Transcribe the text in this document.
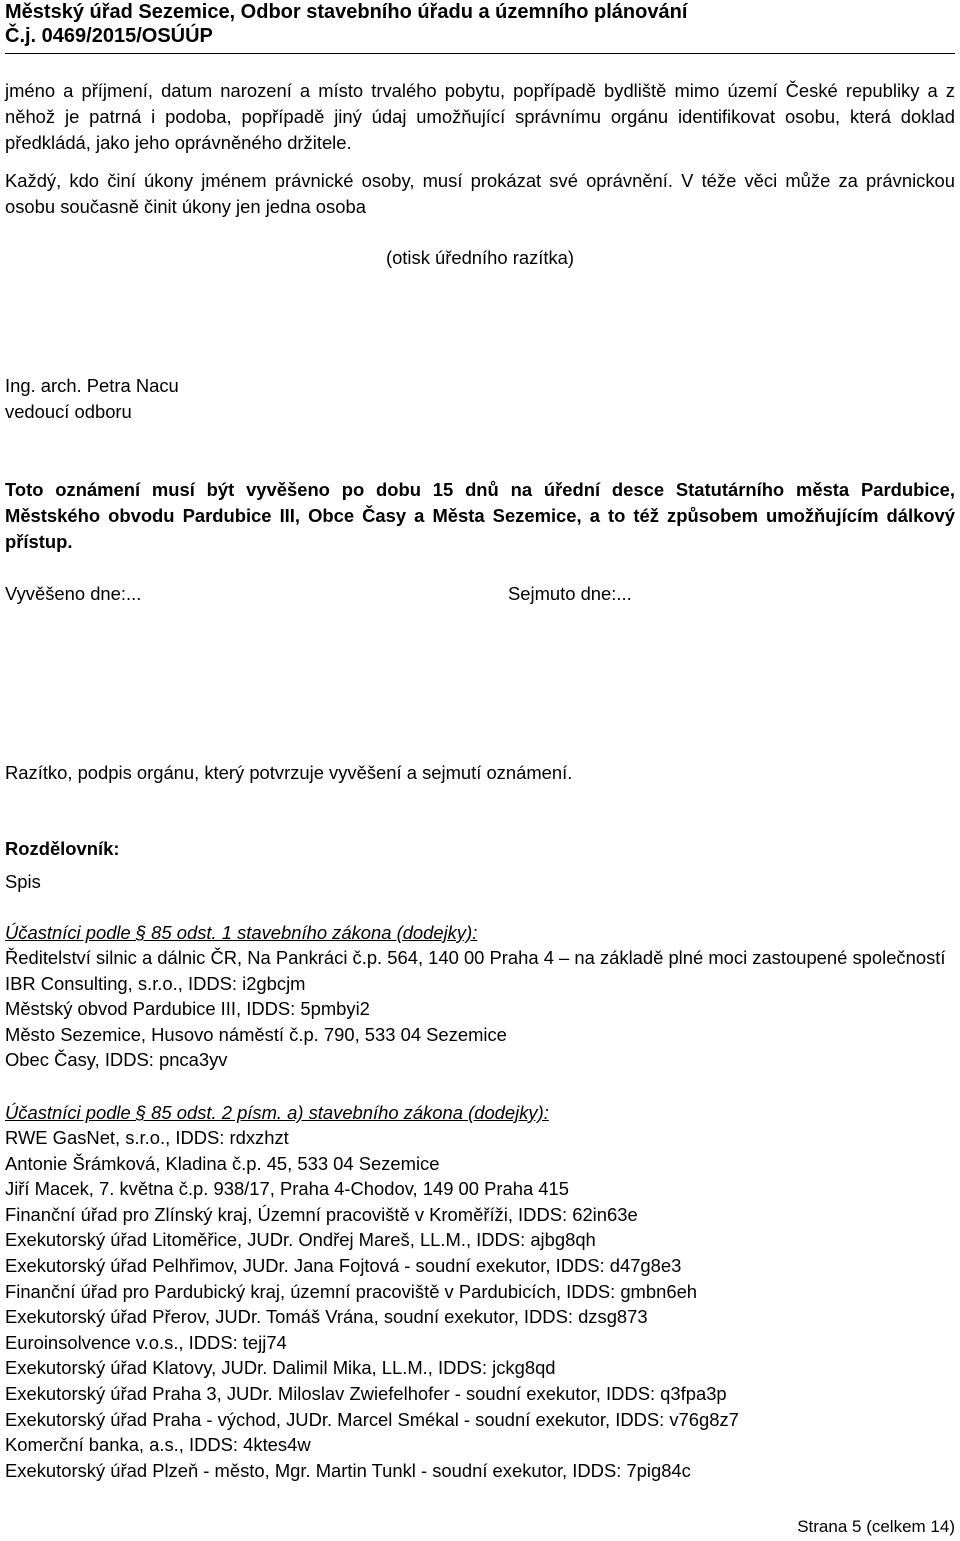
Městský úřad Sezemice, Odbor stavebního úřadu a územního plánování
Č.j. 0469/2015/OSÚÚP

jméno a příjmení, datum narození a místo trvalého pobytu, popřípadě bydliště mimo území České republiky a z něhož je patrná i podoba, popřípadě jiný údaj umožňující správnímu orgánu identifikovat osobu, která doklad předkládá, jako jeho oprávněného držitele.

Každý, kdo činí úkony jménem právnické osoby, musí prokázat své oprávnění. V téže věci může za právnickou osobu současně činit úkony jen jedna osoba

(otisk úředního razítka)

Ing. arch. Petra Nacu

vedoucí odboru

Toto oznámení musí být vyvěšeno po dobu 15 dnů na úřední desce Statutárního města Pardubice, Městského obvodu Pardubice III, Obce Časy a Města Sezemice, a to též způsobem umožňujícím dálkový přístup.

Vyvěšeno dne:...	Sejmuto dne:...

Razítko, podpis orgánu, který potvrzuje vyvěšení a sejmutí oznámení.

Rozdělovník:

Spis

Účastníci podle § 85 odst. 1 stavebního zákona (dodejky):

Ředitelství silnic a dálnic ČR, Na Pankráci č.p. 564, 140 00 Praha 4 – na základě plné moci zastoupené společností IBR Consulting, s.r.o., IDDS: i2gbcjm
Městský obvod Pardubice III, IDDS: 5pmbyi2
Město Sezemice, Husovo náměstí č.p. 790, 533 04 Sezemice
Obec Časy, IDDS: pnca3yv

Účastníci podle § 85 odst. 2 písm. a) stavebního zákona (dodejky):

RWE GasNet, s.r.o., IDDS: rdxzhzt
Antonie Šrámková, Kladina č.p. 45, 533 04 Sezemice
Jiří Macek, 7. května č.p. 938/17, Praha 4-Chodov, 149 00 Praha 415
Finanční úřad pro Zlínský kraj, Územní pracoviště v Kroměříži, IDDS: 62in63e
Exekutorský úřad Litoměřice, JUDr. Ondřej Mareš, LL.M., IDDS: ajbg8qh
Exekutorský úřad Pelhřimov, JUDr. Jana Fojtová - soudní exekutor, IDDS: d47g8e3
Finanční úřad pro Pardubický kraj, územní pracoviště v Pardubicích, IDDS: gmbn6eh
Exekutorský úřad Přerov, JUDr. Tomáš Vrána, soudní exekutor, IDDS: dzsg873
Euroinsolvence v.o.s., IDDS: tejj74
Exekutorský úřad Klatovy, JUDr. Dalimil Mika, LL.M., IDDS: jckg8qd
Exekutorský úřad Praha 3, JUDr. Miloslav Zwiefelhofer - soudní exekutor, IDDS: q3fpa3p
Exekutorský úřad Praha - východ, JUDr. Marcel Smékal - soudní exekutor, IDDS: v76g8z7
Komerční banka, a.s., IDDS: 4ktes4w
Exekutorský úřad Plzeň - město, Mgr. Martin Tunkl - soudní exekutor, IDDS: 7pig84c
Strana 5 (celkem 14)
